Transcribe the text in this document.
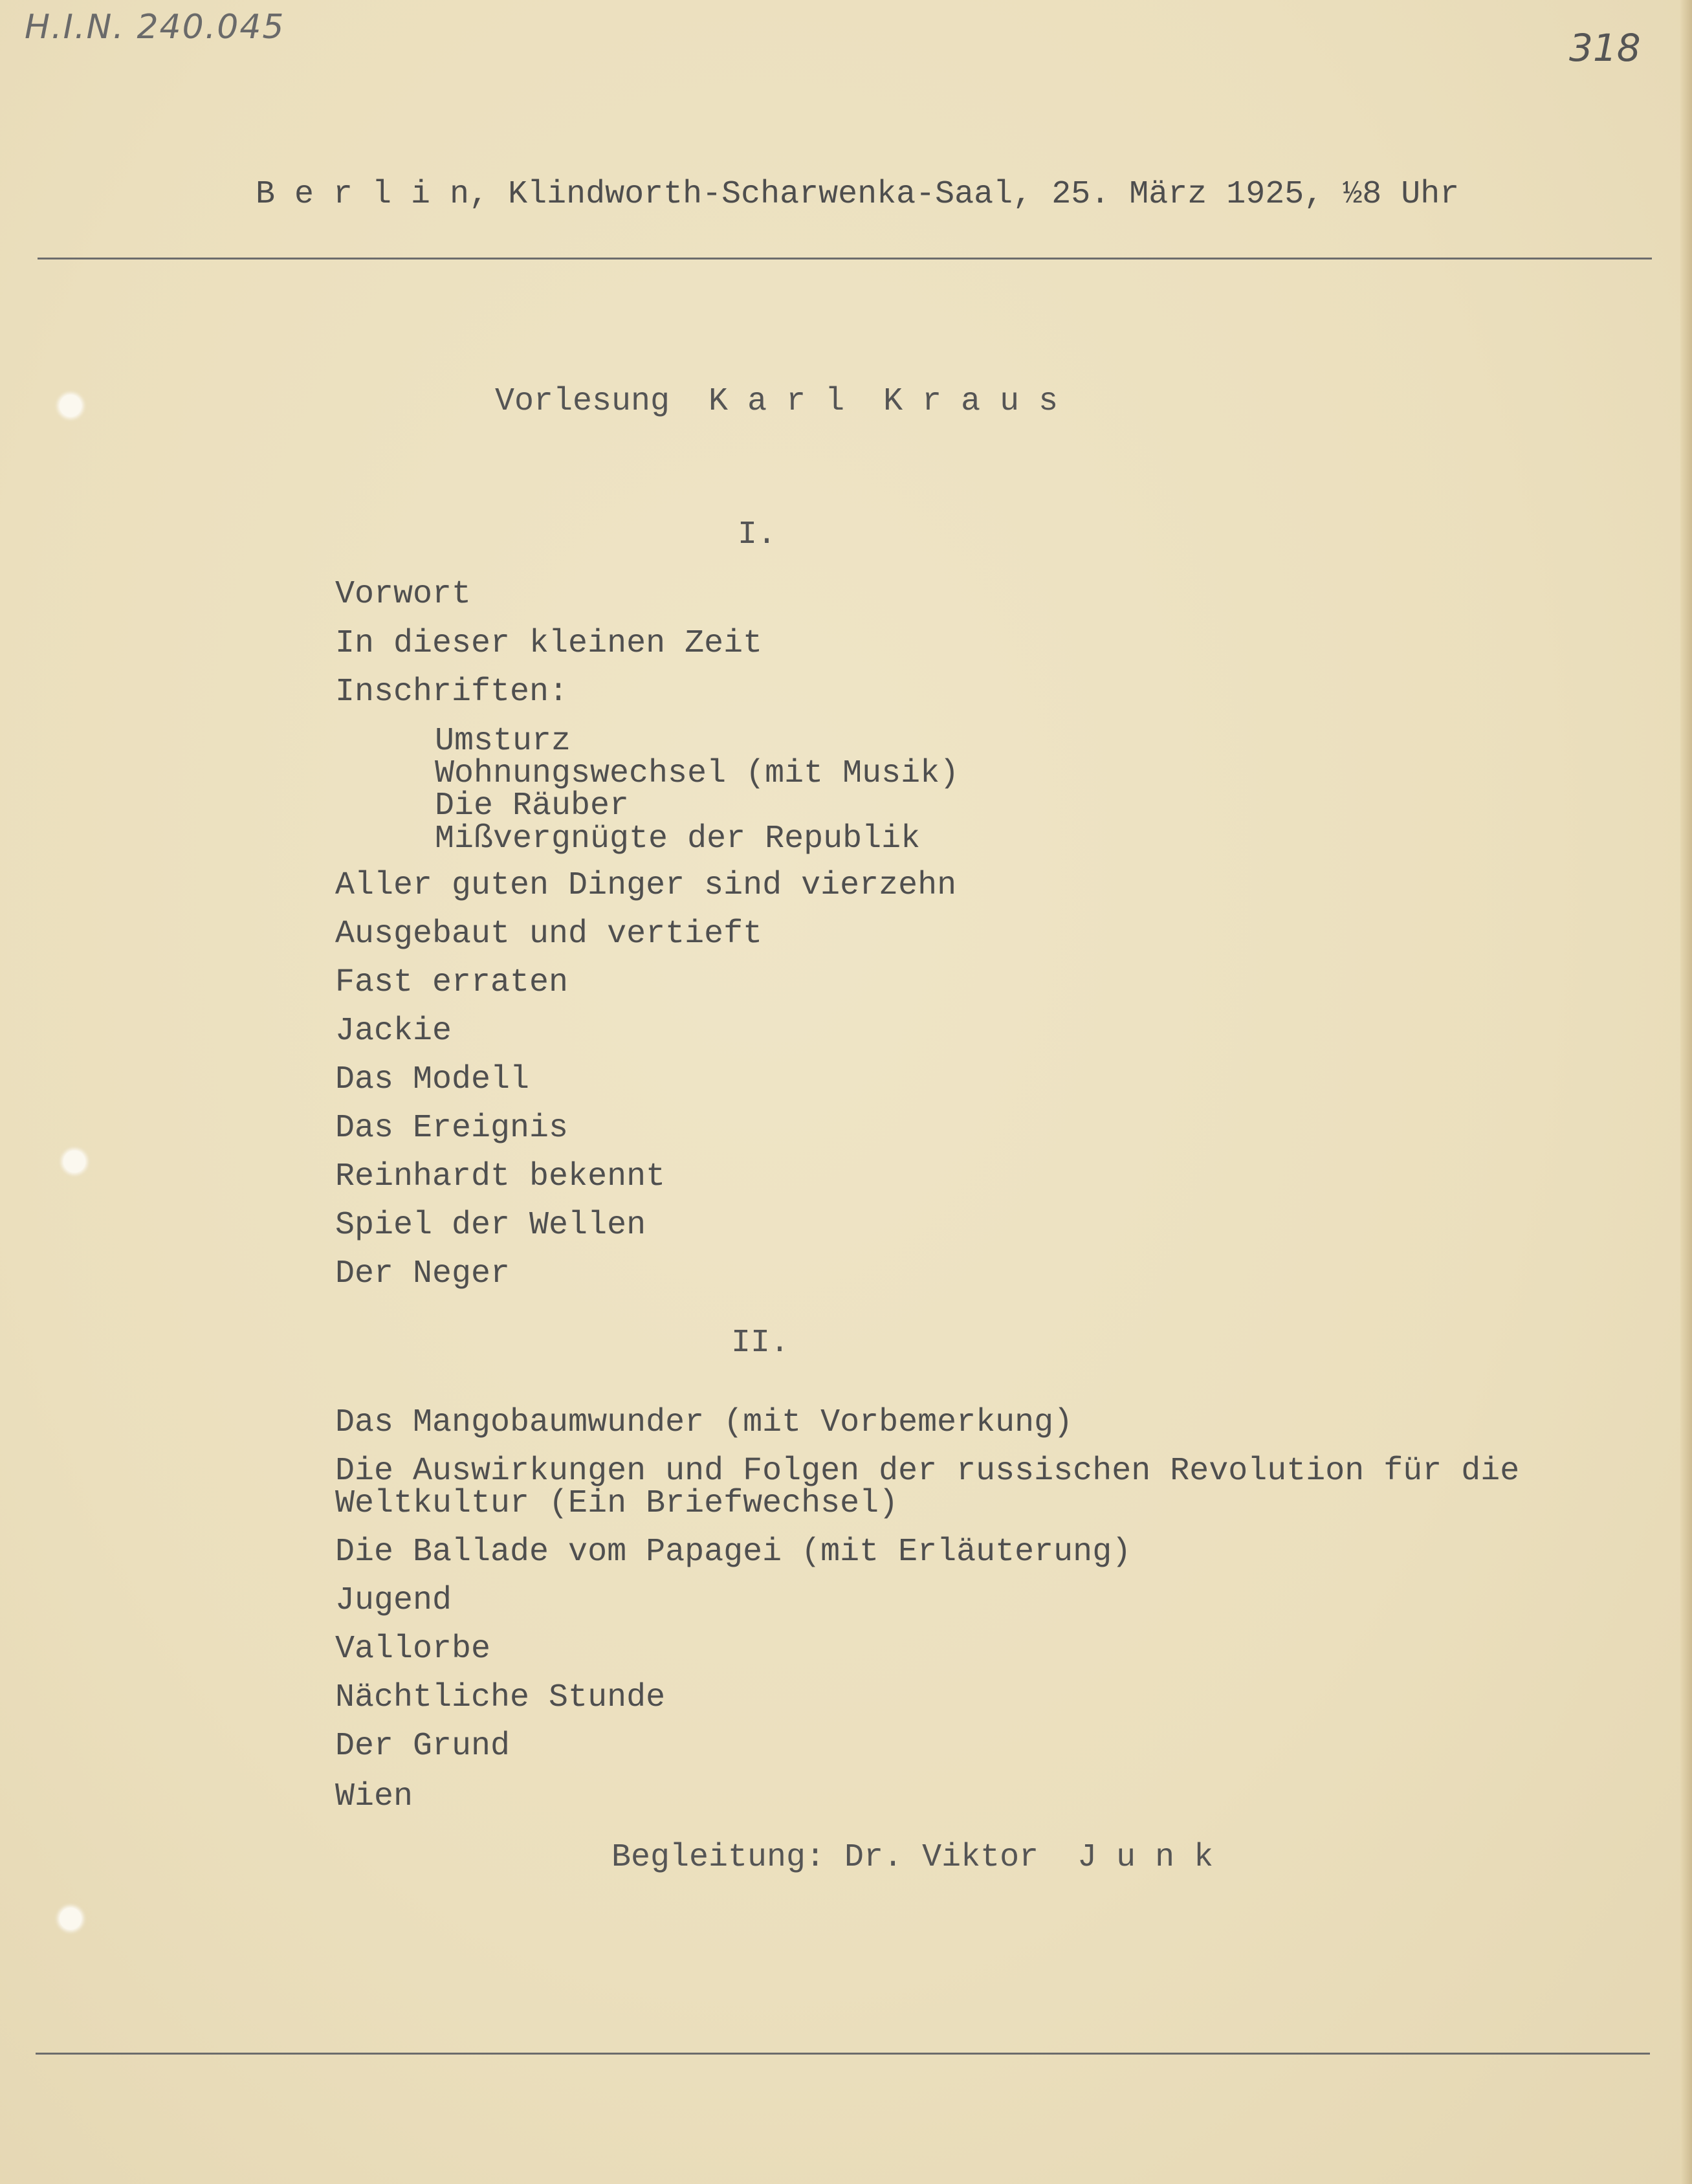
H.I.N. 240.045	318
B e r l i n, Klindworth-Scharwenka-Saal, 25. März 1925, ½8 Uhr
Vorlesung  K a r l  K r a u s
I.
Vorwort
In dieser kleinen Zeit
Inschriften:
Umsturz
Wohnungswechsel (mit Musik)
Die Räuber
Mißvergnügte der Republik
Aller guten Dinger sind vierzehn
Ausgebaut und vertieft
Fast erraten
Jackie
Das Modell
Das Ereignis
Reinhardt bekennt
Spiel der Wellen
Der Neger
II.
Das Mangobaumwunder (mit Vorbemerkung)
Die Auswirkungen und Folgen der russischen Revolution für die
Weltkultur (Ein Briefwechsel)
Die Ballade vom Papagei (mit Erläuterung)
Jugend
Vallorbe
Nächtliche Stunde
Der Grund
Wien
Begleitung: Dr. Viktor  J u n k
